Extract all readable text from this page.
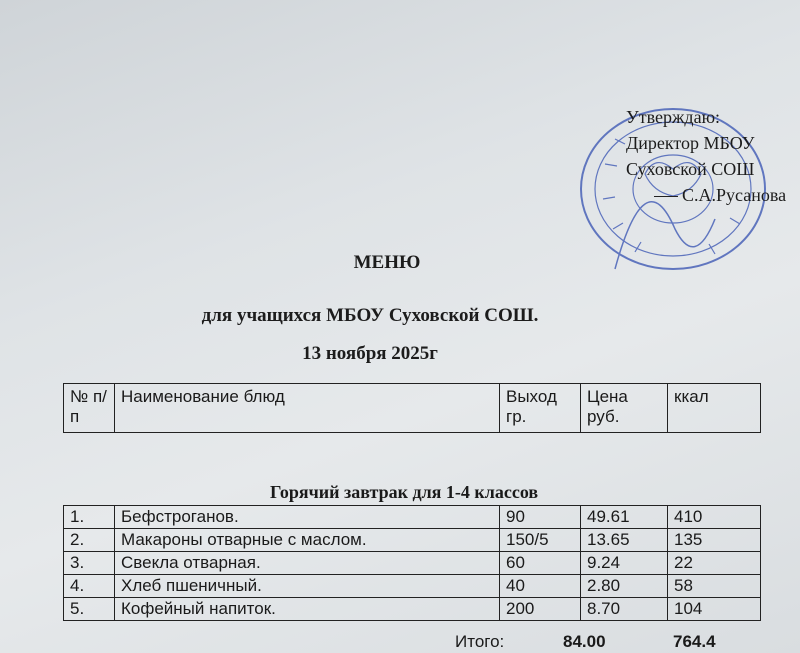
Утверждаю:
Директор МБОУ
Суховской СОШ
С.А.Русанова
МЕНЮ
для учащихся МБОУ Суховской СОШ.
13 ноября 2025г
№ п/п	Наименование блюд	Выход гр.	Цена руб.	ккал
Горячий завтрак для 1-4 классов
1.	Бефстроганов.	90	49.61	410
2.	Макароны отварные с маслом.	150/5	13.65	135
3.	Свекла отварная.	60	9.24	22
4.	Хлеб пшеничный.	40	2.80	58
5.	Кофейный напиток.	200	8.70	104
Итого:	84.00	764.4
